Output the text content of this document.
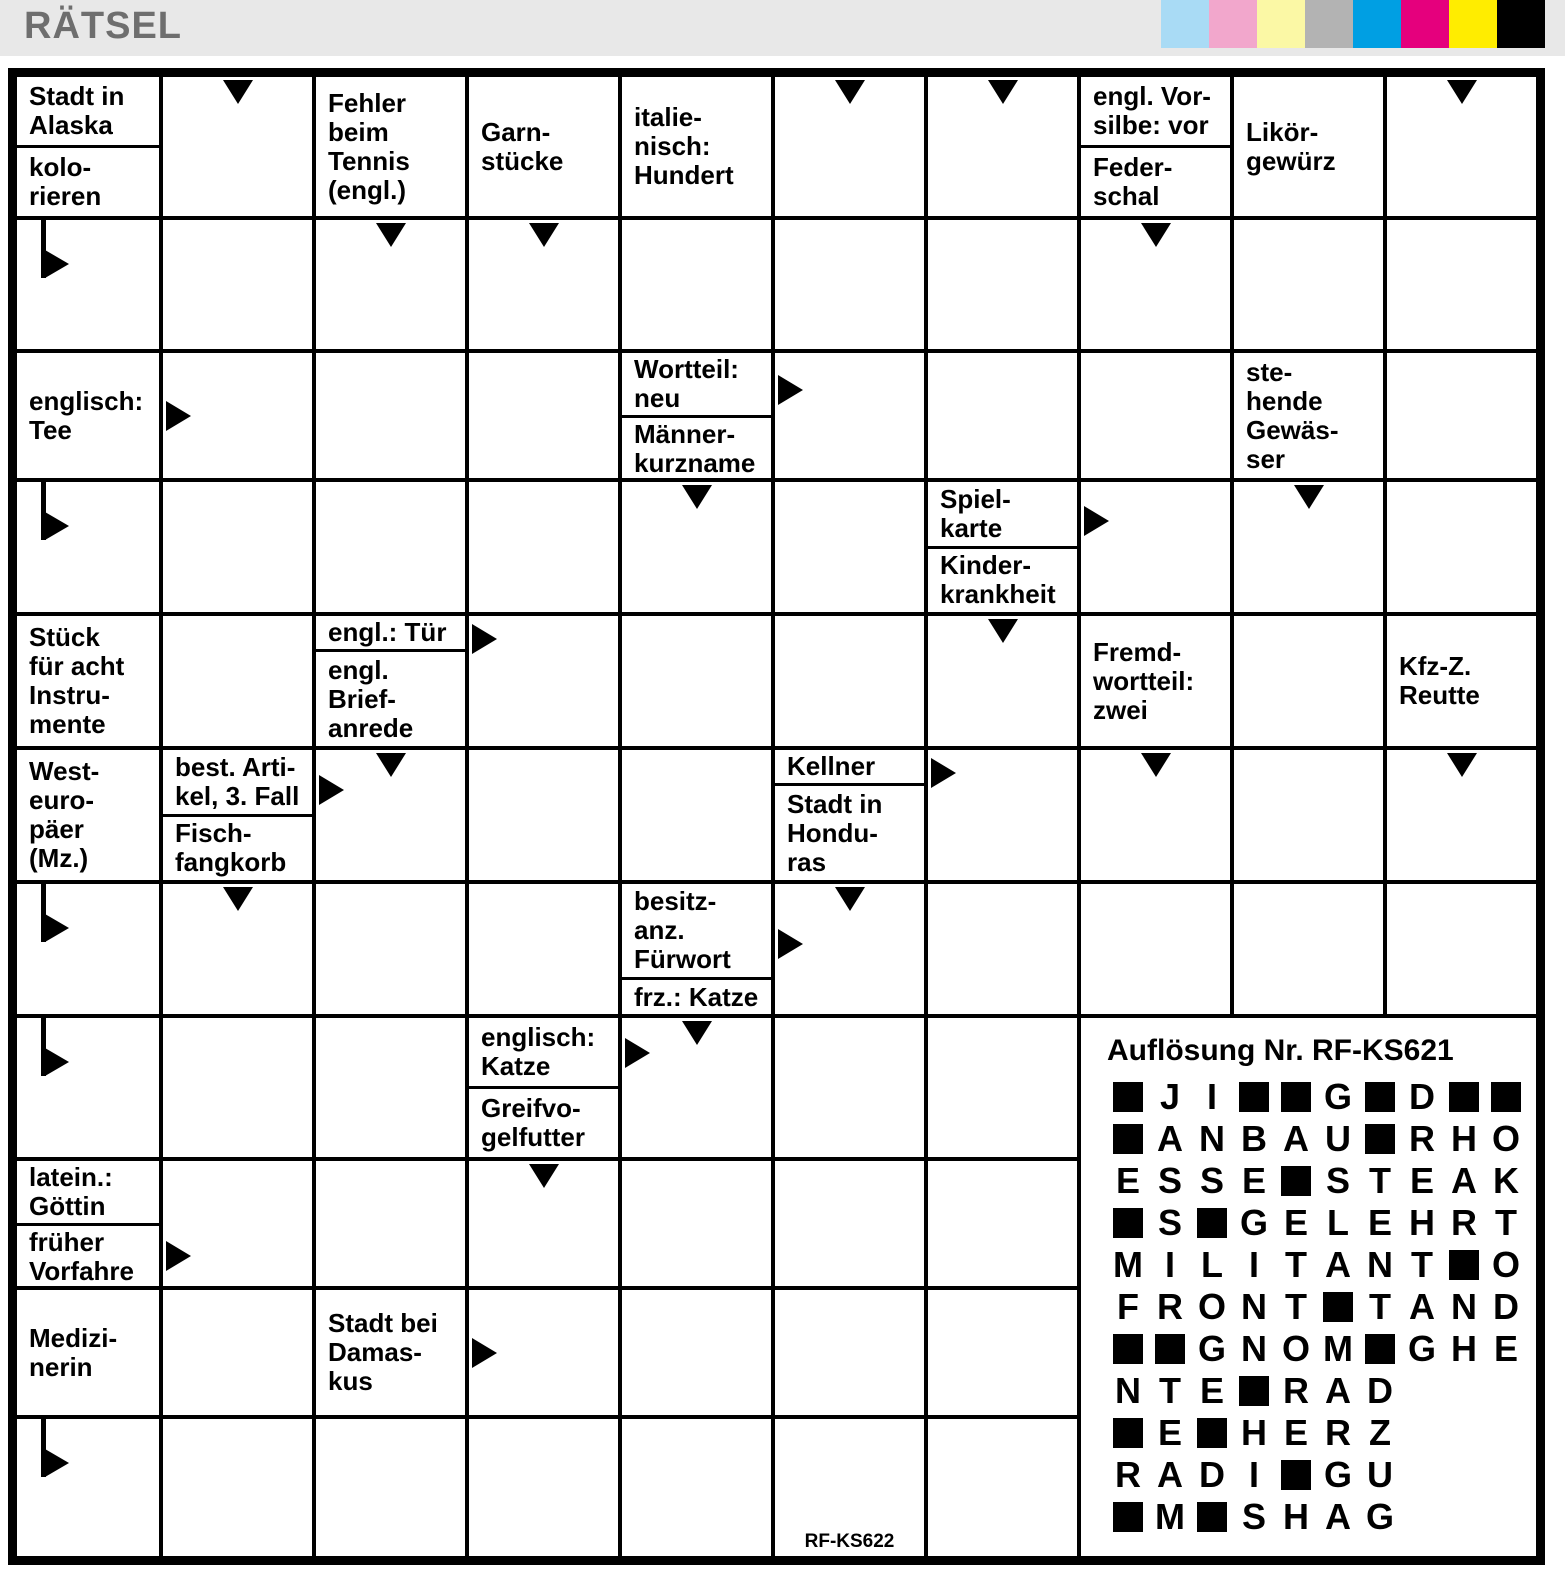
RÄTSEL
Stadt in
Alaska
kolo-
rieren
Fehler
beim
Tennis
(engl.)
Garn-
stücke
italie-
nisch:
Hundert
engl. Vor-
silbe: vor
Feder-
schal
Likör-
gewürz
englisch:
Tee
Wortteil:
neu
Männer-
kurzname
ste-
hende
Gewäs-
ser
Spiel-
karte
Kinder-
krankheit
Stück
für acht
Instru-
mente
engl.: Tür
engl.
Brief-
anrede
Fremd-
wortteil:
zwei
Kfz-Z.
Reutte
West-
euro-
päer
(Mz.)
best. Arti-
kel, 3. Fall
Fisch-
fangkorb
Kellner
Stadt in
Hondu-
ras
besitz-
anz.
Fürwort
frz.: Katze
englisch:
Katze
Greifvo-
gelfutter
Auflösung Nr. RF-KS621
J I	G D
A N B A U R H O
E S S E S T E A K
S G E L E H R T
M I L I T A N T O
F R O N T T A N D
G N O M G H E
N T E R A D
E H E R Z
R A D I	G U
M S H A G
latein.:
Göttin
früher
Vorfahre
Medizi-
nerin
Stadt bei
Damas-
kus
RF-KS622
